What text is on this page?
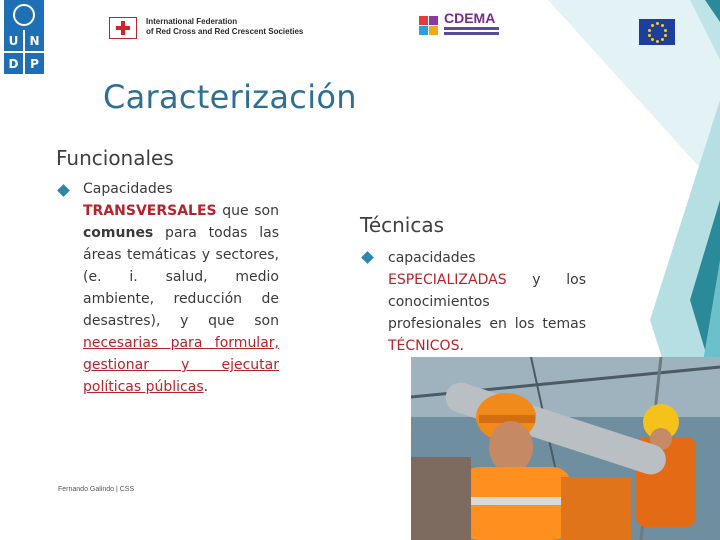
U N
D P
International Federation
of Red Cross and Red Crescent Societies
CDEMA
Caracterización
Funcionales
Capacidades TRANSVERSALES que son comunes para todas las áreas temáticas y sectores, (e. i. salud, medio ambiente, reducción de desastres), y que son necesarias para formular, gestionar y ejecutar políticas públicas.
Técnicas
capacidades ESPECIALIZADAS y los conocimientos profesionales en los temas TÉCNICOS.
Fernando Galindo | CSS
